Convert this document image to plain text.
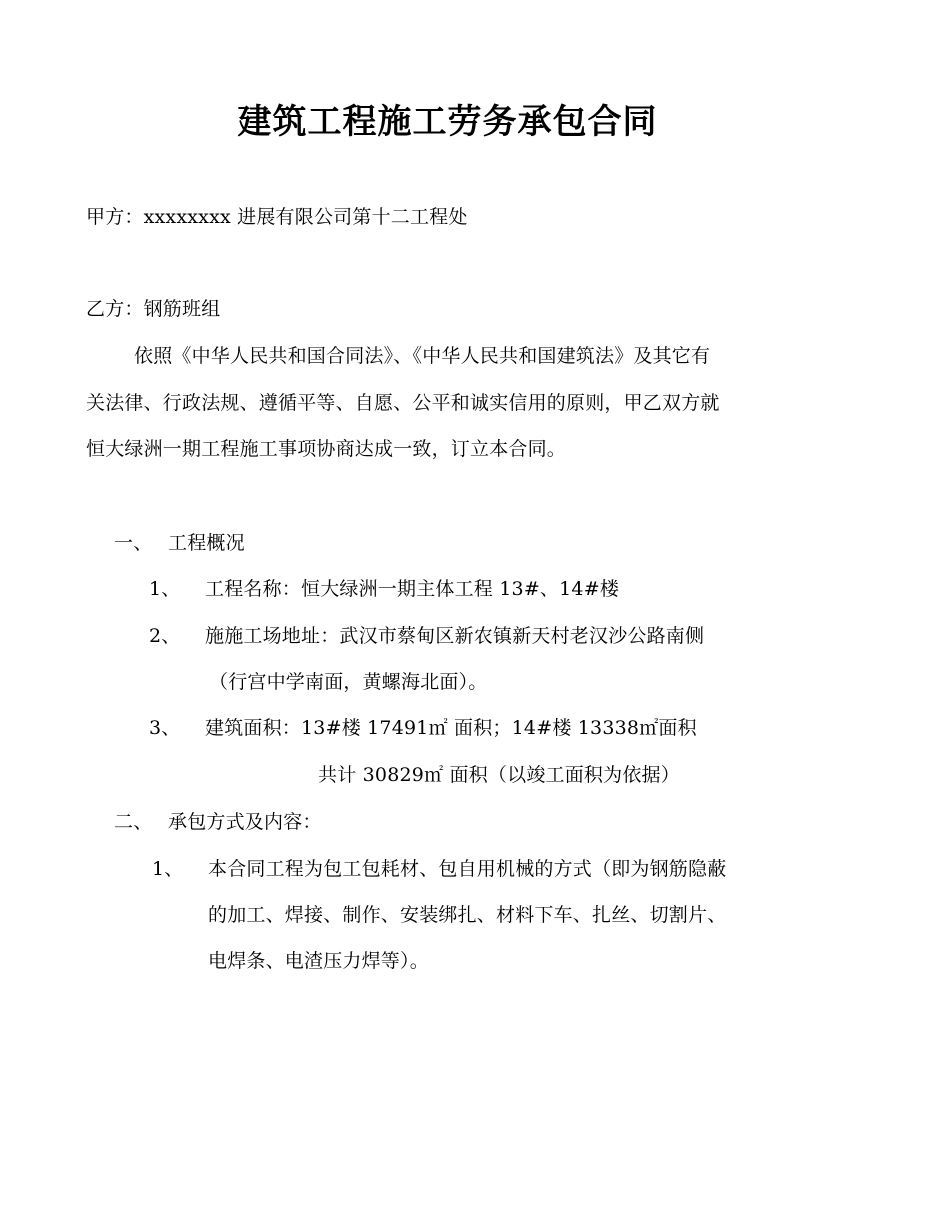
建筑工程施工劳务承包合同
甲方：xxxxxxxx 进展有限公司第十二工程处
乙方：钢筋班组
依照《中华人民共和国合同法》、《中华人民共和国建筑法》及其它有
关法律、行政法规、遵循平等、自愿、公平和诚实信用的原则，甲乙双方就
恒大绿洲一期工程施工事项协商达成一致，订立本合同。
一、 工程概况
1、 工程名称：恒大绿洲一期主体工程 13#、14#楼
2、 施施工场地址：武汉市蔡甸区新农镇新天村老汉沙公路南侧
（行宫中学南面，黄螺海北面）。
3、 建筑面积：13#楼 17491㎡ 面积；14#楼 13338㎡面积
共计 30829㎡ 面积（以竣工面积为依据）
二、 承包方式及内容：
1、 本合同工程为包工包耗材、包自用机械的方式（即为钢筋隐蔽
的加工、焊接、制作、安装绑扎、材料下车、扎丝、切割片、
电焊条、电渣压力焊等）。
